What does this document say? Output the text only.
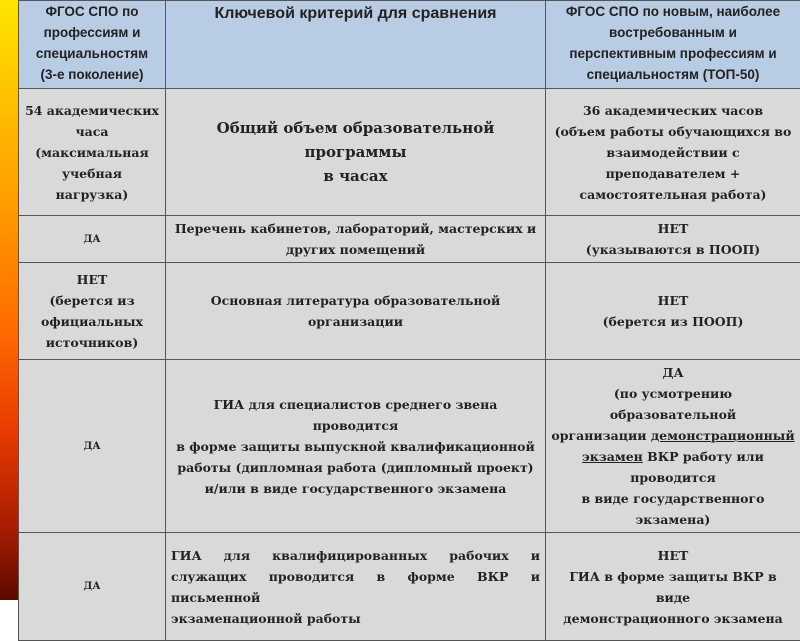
ФГОС СПО по
профессиям и
специальностям
(3-е поколение)	Ключевой критерий для сравнения	ФГОС СПО по новым, наиболее
востребованным и
перспективным профессиям и
специальностям (ТОП-50)

54 академических
часа
(максимальная
учебная нагрузка)	Общий объем образовательной программы
в часах	36 академических часов
(объем работы обучающихся во
взаимодействии с преподавателем +
самостоятельная работа)

ДА	Перечень кабинетов, лабораторий, мастерских и
других помещений	НЕТ
(указываются в ПООП)

НЕТ
(берется из
официальных
источников)	Основная литература образовательной
организации	НЕТ
(берется из ПООП)

ДА	ГИА для специалистов среднего звена проводится
в форме защиты выпускной квалификационной
работы (дипломная работа (дипломный проект)
и/или в виде государственного экзамена	ДА
(по усмотрению образовательной
организации демонстрационный
экзамен ВКР работу или проводится
в виде государственного экзамена)

ДА	ГИА для квалифицированных рабочих и
служащих проводится в форме ВКР и письменной
экзаменационной работы	НЕТ
ГИА в форме защиты ВКР в виде
демонстрационного экзамена
